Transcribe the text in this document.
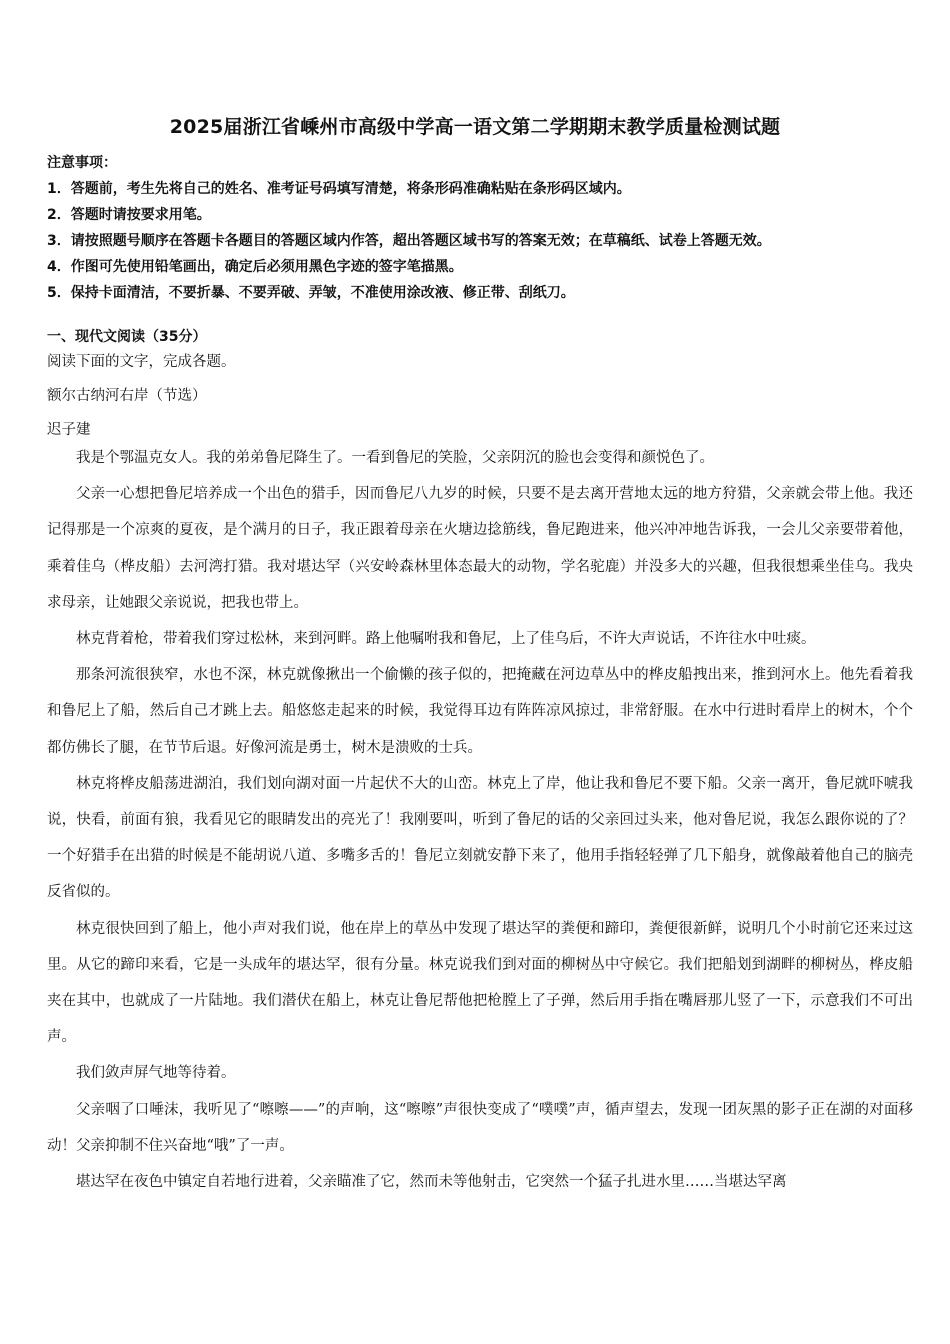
2025届浙江省嵊州市高级中学高一语文第二学期期末教学质量检测试题
注意事项：
1．答题前，考生先将自己的姓名、准考证号码填写清楚，将条形码准确粘贴在条形码区域内。
2．答题时请按要求用笔。
3．请按照题号顺序在答题卡各题目的答题区域内作答，超出答题区域书写的答案无效；在草稿纸、试卷上答题无效。
4．作图可先使用铅笔画出，确定后必须用黑色字迹的签字笔描黑。
5．保持卡面清洁，不要折暴、不要弄破、弄皱，不准使用涂改液、修正带、刮纸刀。
一、现代文阅读（35分）
阅读下面的文字，完成各题。
额尔古纳河右岸（节选）
迟子建

我是个鄂温克女人。我的弟弟鲁尼降生了。一看到鲁尼的笑脸，父亲阴沉的脸也会变得和颜悦色了。

父亲一心想把鲁尼培养成一个出色的猎手，因而鲁尼八九岁的时候，只要不是去离开营地太远的地方狩猎，父亲就会带上他。我还记得那是一个凉爽的夏夜，是个满月的日子，我正跟着母亲在火塘边捻筋线，鲁尼跑进来，他兴冲冲地告诉我，一会儿父亲要带着他，乘着佳乌（桦皮船）去河湾打猎。我对堪达罕（兴安岭森林里体态最大的动物，学名驼鹿）并没多大的兴趣，但我很想乘坐佳乌。我央求母亲，让她跟父亲说说，把我也带上。

林克背着枪，带着我们穿过松林，来到河畔。路上他嘱咐我和鲁尼，上了佳乌后，不许大声说话，不许往水中吐痰。

那条河流很狭窄，水也不深，林克就像揪出一个偷懒的孩子似的，把掩藏在河边草丛中的桦皮船拽出来，推到河水上。他先看着我和鲁尼上了船，然后自己才跳上去。船悠悠走起来的时候，我觉得耳边有阵阵凉风掠过，非常舒服。在水中行进时看岸上的树木，个个都仿佛长了腿，在节节后退。好像河流是勇士，树木是溃败的士兵。

林克将桦皮船荡进湖泊，我们划向湖对面一片起伏不大的山峦。林克上了岸，他让我和鲁尼不要下船。父亲一离开，鲁尼就吓唬我说，快看，前面有狼，我看见它的眼睛发出的亮光了！我刚要叫，听到了鲁尼的话的父亲回过头来，他对鲁尼说，我怎么跟你说的了？一个好猎手在出猎的时候是不能胡说八道、多嘴多舌的！鲁尼立刻就安静下来了，他用手指轻轻弹了几下船身，就像敲着他自己的脑壳反省似的。

林克很快回到了船上，他小声对我们说，他在岸上的草丛中发现了堪达罕的粪便和蹄印，粪便很新鲜，说明几个小时前它还来过这里。从它的蹄印来看，它是一头成年的堪达罕，很有分量。林克说我们到对面的柳树丛中守候它。我们把船划到湖畔的柳树丛，桦皮船夹在其中，也就成了一片陆地。我们潜伏在船上，林克让鲁尼帮他把枪膛上了子弹，然后用手指在嘴唇那儿竖了一下，示意我们不可出声。

我们敛声屏气地等待着。

父亲咽了口唾沫，我听见了“嚓嚓——”的声响，这“嚓嚓”声很快变成了“噗噗”声，循声望去，发现一团灰黑的影子正在湖的对面移动！父亲抑制不住兴奋地“哦”了一声。

堪达罕在夜色中镇定自若地行进着，父亲瞄准了它，然而未等他射击，它突然一个猛子扎进水里……当堪达罕离
